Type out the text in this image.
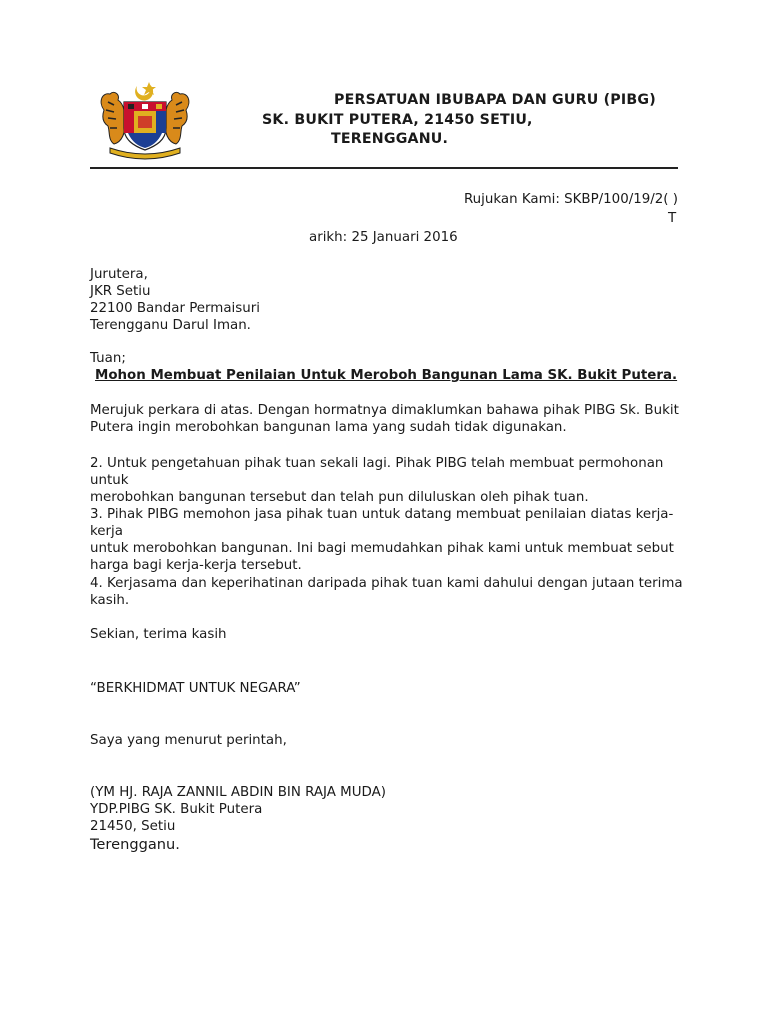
PERSATUAN IBUBAPA DAN GURU (PIBG)
SK. BUKIT PUTERA, 21450 SETIU,
TERENGGANU.
Rujukan Kami: SKBP/100/19/2( )
T
arikh: 25 Januari 2016
Jurutera,
JKR Setiu
22100 Bandar Permaisuri
Terengganu Darul Iman.
Tuan;
Mohon Membuat Penilaian Untuk Meroboh Bangunan Lama SK. Bukit Putera.
Merujuk perkara di atas. Dengan hormatnya dimaklumkan bahawa pihak PIBG Sk. Bukit
Putera ingin merobohkan bangunan lama yang sudah tidak digunakan.
2. Untuk pengetahuan pihak tuan sekali lagi. Pihak PIBG telah membuat permohonan untuk
merobohkan bangunan tersebut dan telah pun diluluskan oleh pihak tuan.
3. Pihak PIBG memohon jasa pihak tuan untuk datang membuat penilaian diatas kerja-kerja
untuk merobohkan bangunan. Ini bagi memudahkan pihak kami untuk membuat sebut
harga bagi kerja-kerja tersebut.
4. Kerjasama dan keperihatinan daripada pihak tuan kami dahului dengan jutaan terima
kasih.
Sekian, terima kasih
“BERKHIDMAT UNTUK NEGARA”
Saya yang menurut perintah,
(YM HJ. RAJA ZANNIL ABDIN BIN RAJA MUDA)
YDP.PIBG SK. Bukit Putera
21450, Setiu
Terengganu.
